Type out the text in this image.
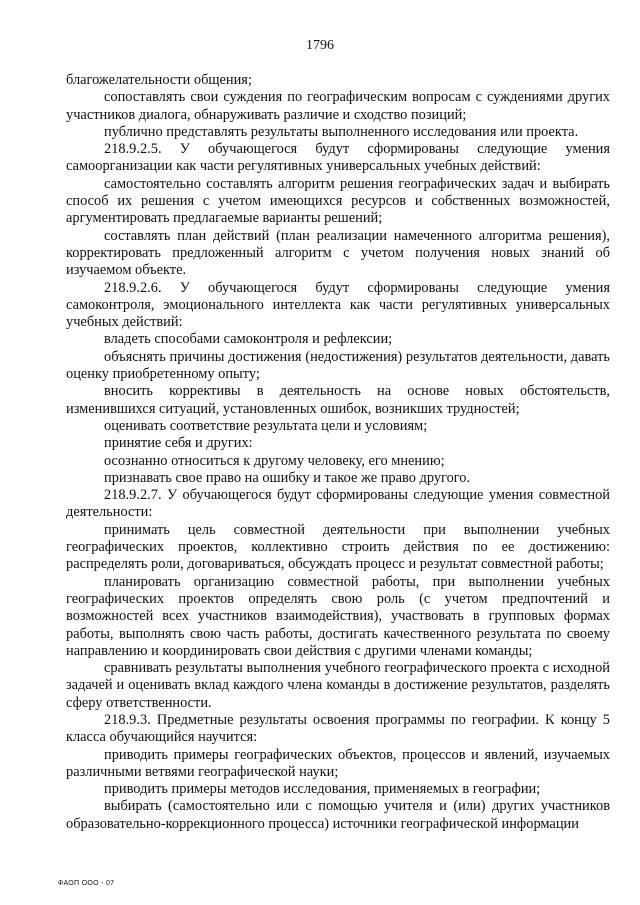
1796

благожелательности общения;

сопоставлять свои суждения по географическим вопросам с суждениями других участников диалога, обнаруживать различие и сходство позиций;

публично представлять результаты выполненного исследования или проекта.

218.9.2.5. У обучающегося будут сформированы следующие умения самоорганизации как части регулятивных универсальных учебных действий:

самостоятельно составлять алгоритм решения географических задач и выбирать способ их решения с учетом имеющихся ресурсов и собственных возможностей, аргументировать предлагаемые варианты решений;

составлять план действий (план реализации намеченного алгоритма решения), корректировать предложенный алгоритм с учетом получения новых знаний об изучаемом объекте.

218.9.2.6. У обучающегося будут сформированы следующие умения самоконтроля, эмоционального интеллекта как части регулятивных универсальных учебных действий:

владеть способами самоконтроля и рефлексии;

объяснять причины достижения (недостижения) результатов деятельности, давать оценку приобретенному опыту;

вносить коррективы в деятельность на основе новых обстоятельств, изменившихся ситуаций, установленных ошибок, возникших трудностей;

оценивать соответствие результата цели и условиям;

принятие себя и других:

осознанно относиться к другому человеку, его мнению;

признавать свое право на ошибку и такое же право другого.

218.9.2.7. У обучающегося будут сформированы следующие умения совместной деятельности:

принимать цель совместной деятельности при выполнении учебных географических проектов, коллективно строить действия по ее достижению: распределять роли, договариваться, обсуждать процесс и результат совместной работы;

планировать организацию совместной работы, при выполнении учебных географических проектов определять свою роль (с учетом предпочтений и возможностей всех участников взаимодействия), участвовать в групповых формах работы, выполнять свою часть работы, достигать качественного результата по своему направлению и координировать свои действия с другими членами команды;

сравнивать результаты выполнения учебного географического проекта с исходной задачей и оценивать вклад каждого члена команды в достижение результатов, разделять сферу ответственности.

218.9.3. Предметные результаты освоения программы по географии. К концу 5 класса обучающийся научится:

приводить примеры географических объектов, процессов и явлений, изучаемых различными ветвями географической науки;

приводить примеры методов исследования, применяемых в географии;

выбирать (самостоятельно или с помощью учителя и (или) других участников образовательно-коррекционного процесса) источники географической информации

ФАОП ООО - 07
